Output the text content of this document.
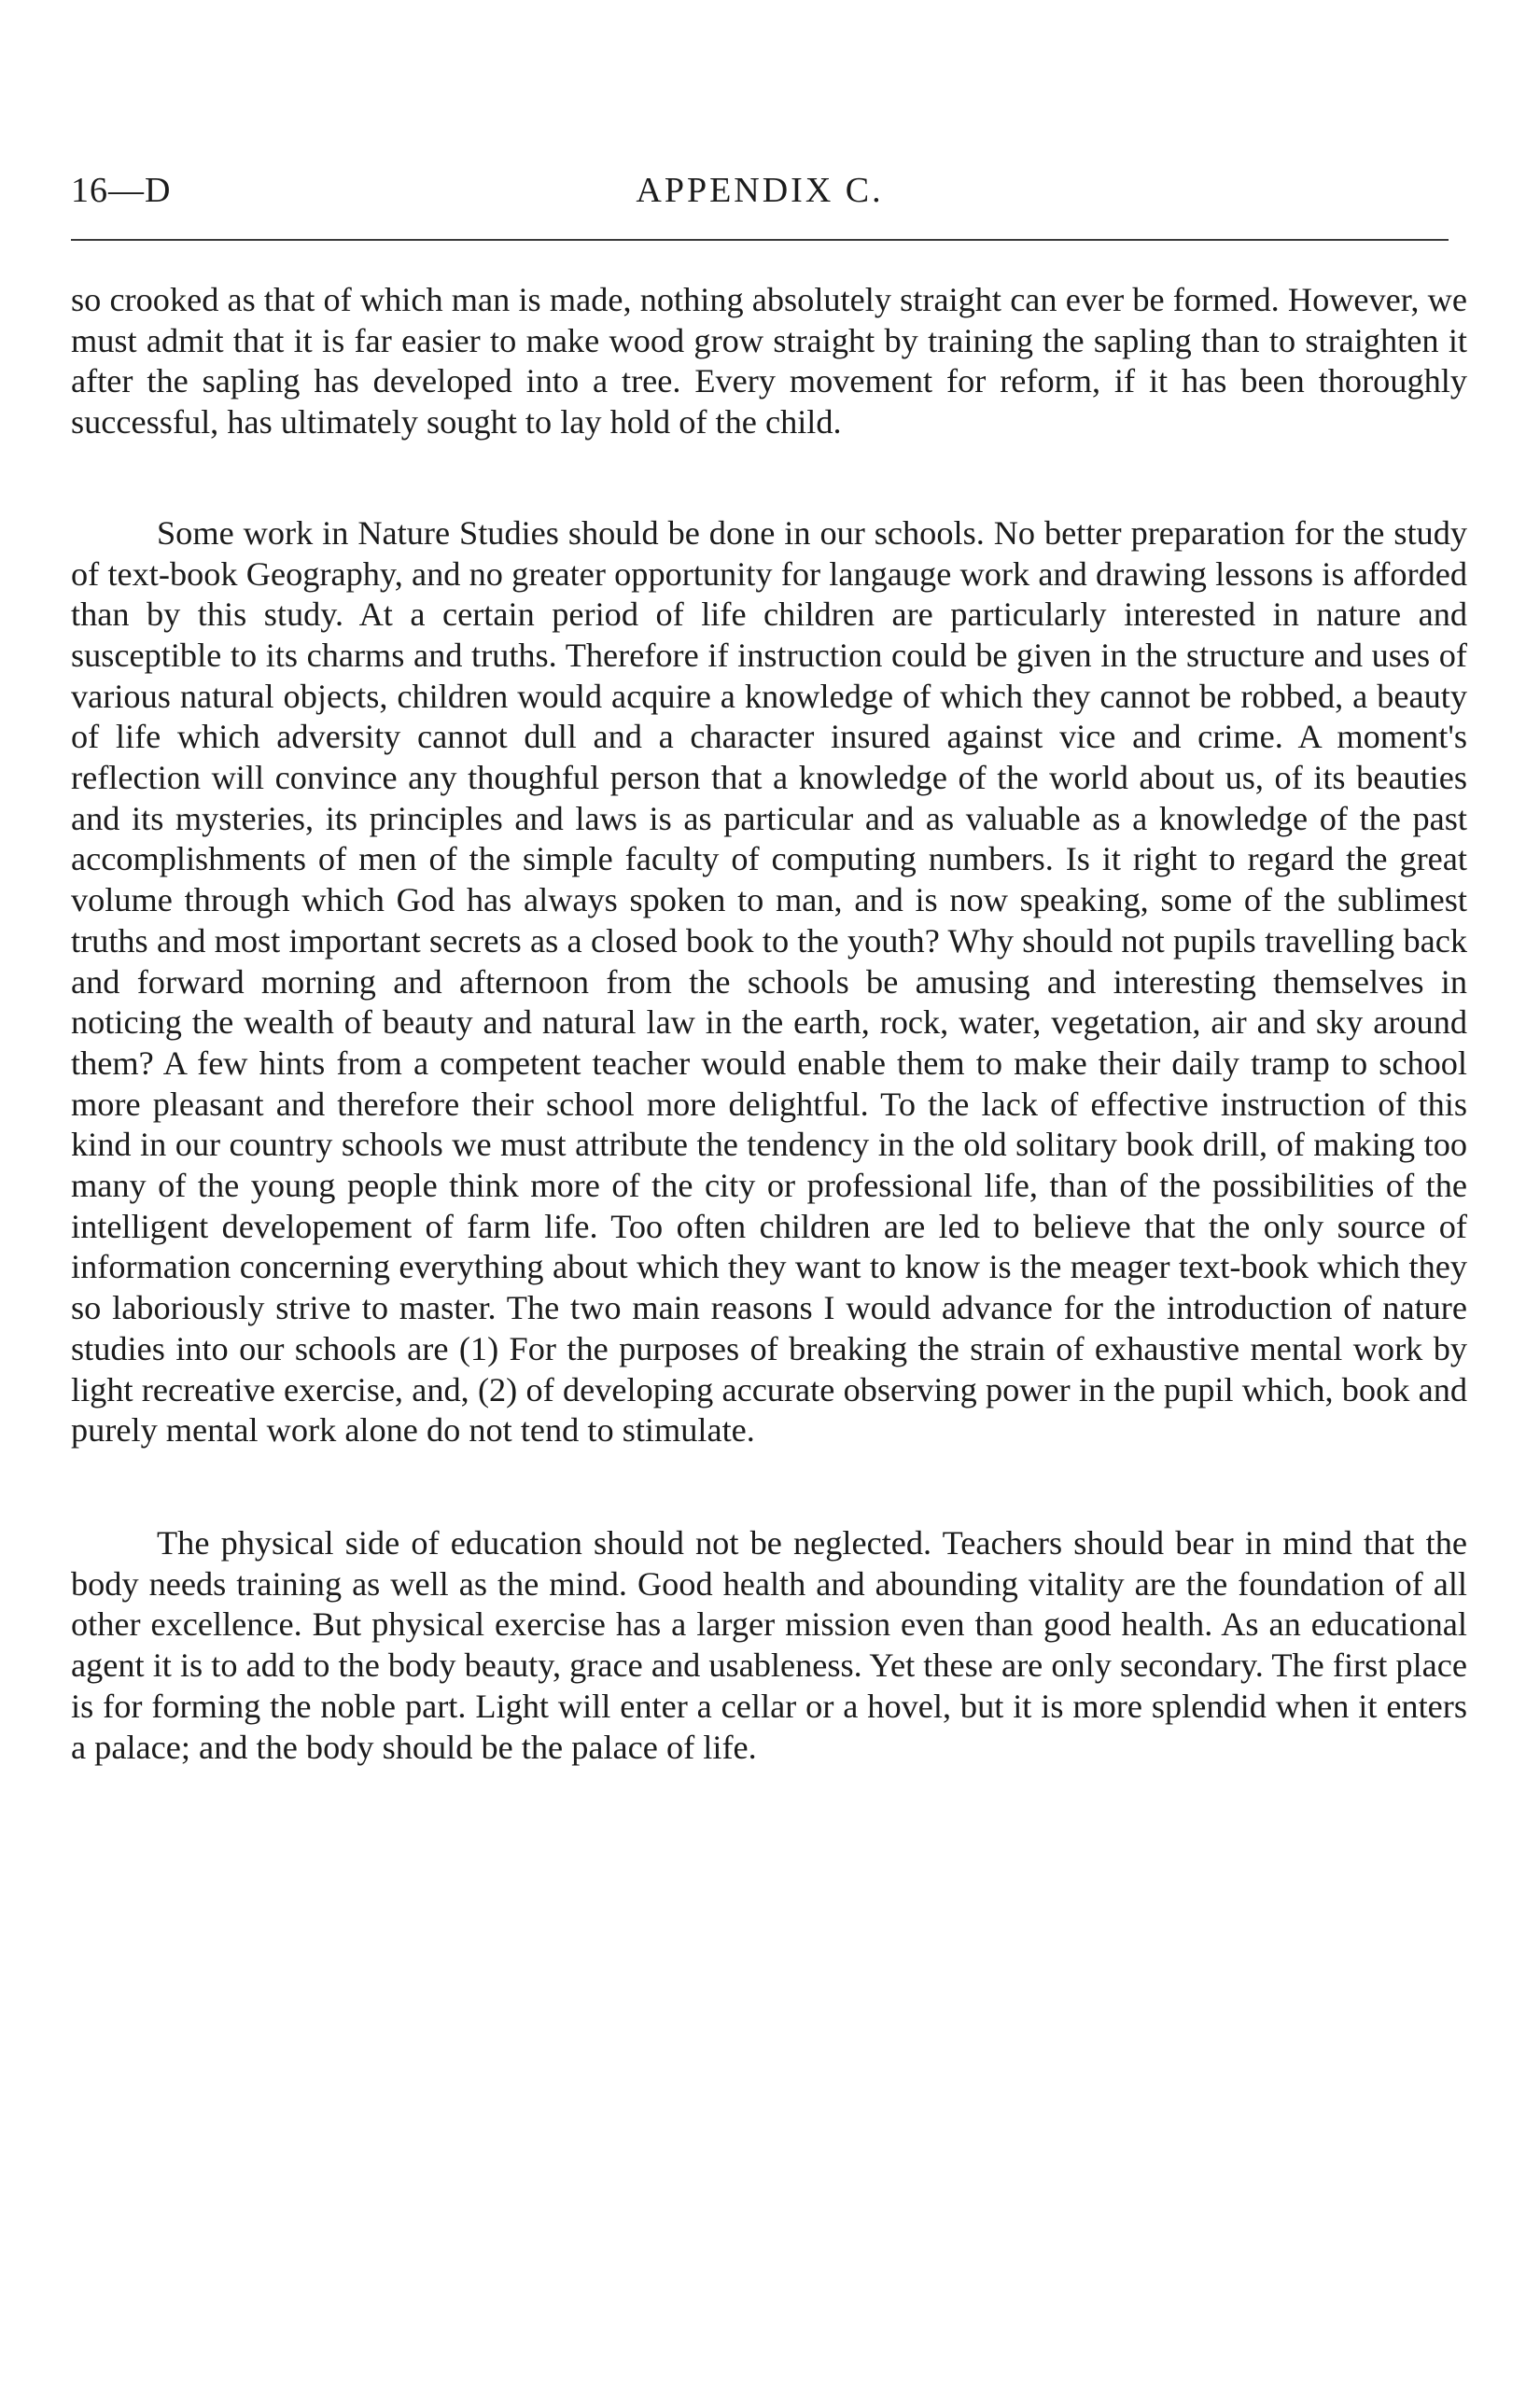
16—D	APPENDIX C.

so crooked as that of which man is made, nothing absolutely straight can ever be formed. However, we must admit that it is far easier to make wood grow straight by training the sapling than to straighten it after the sapling has developed into a tree. Every movement for reform, if it has been thoroughly successful, has ultimately sought to lay hold of the child.

Some work in Nature Studies should be done in our schools. No better preparation for the study of text-book Geography, and no greater opportunity for langauge work and drawing lessons is afforded than by this study. At a certain period of life children are particularly interested in nature and susceptible to its charms and truths. Therefore if instruction could be given in the structure and uses of various natural objects, children would acquire a knowledge of which they cannot be robbed, a beauty of life which adversity cannot dull and a character insured against vice and crime. A moment's reflection will convince any thoughful person that a knowledge of the world about us, of its beauties and its mysteries, its principles and laws is as particular and as valuable as a knowledge of the past accomplishments of men of the simple faculty of computing numbers. Is it right to regard the great volume through which God has always spoken to man, and is now speaking, some of the sublimest truths and most important secrets as a closed book to the youth? Why should not pupils travelling back and forward morning and afternoon from the schools be amusing and interesting themselves in noticing the wealth of beauty and natural law in the earth, rock, water, vegetation, air and sky around them? A few hints from a competent teacher would enable them to make their daily tramp to school more pleasant and therefore their school more delightful. To the lack of effective instruction of this kind in our country schools we must attribute the tendency in the old solitary book drill, of making too many of the young people think more of the city or professional life, than of the possibilities of the intelligent developement of farm life. Too often children are led to believe that the only source of information concerning everything about which they want to know is the meager text-book which they so laboriously strive to master. The two main reasons I would advance for the introduction of nature studies into our schools are (1) For the purposes of breaking the strain of exhaustive mental work by light recreative exercise, and, (2) of developing accurate observing power in the pupil which, book and purely mental work alone do not tend to stimulate.

The physical side of education should not be neglected. Teachers should bear in mind that the body needs training as well as the mind. Good health and abounding vitality are the foundation of all other excellence. But physical exercise has a larger mission even than good health. As an educational agent it is to add to the body beauty, grace and usableness. Yet these are only secondary. The first place is for forming the noble part. Light will enter a cellar or a hovel, but it is more splendid when it enters a palace; and the body should be the palace of life.
